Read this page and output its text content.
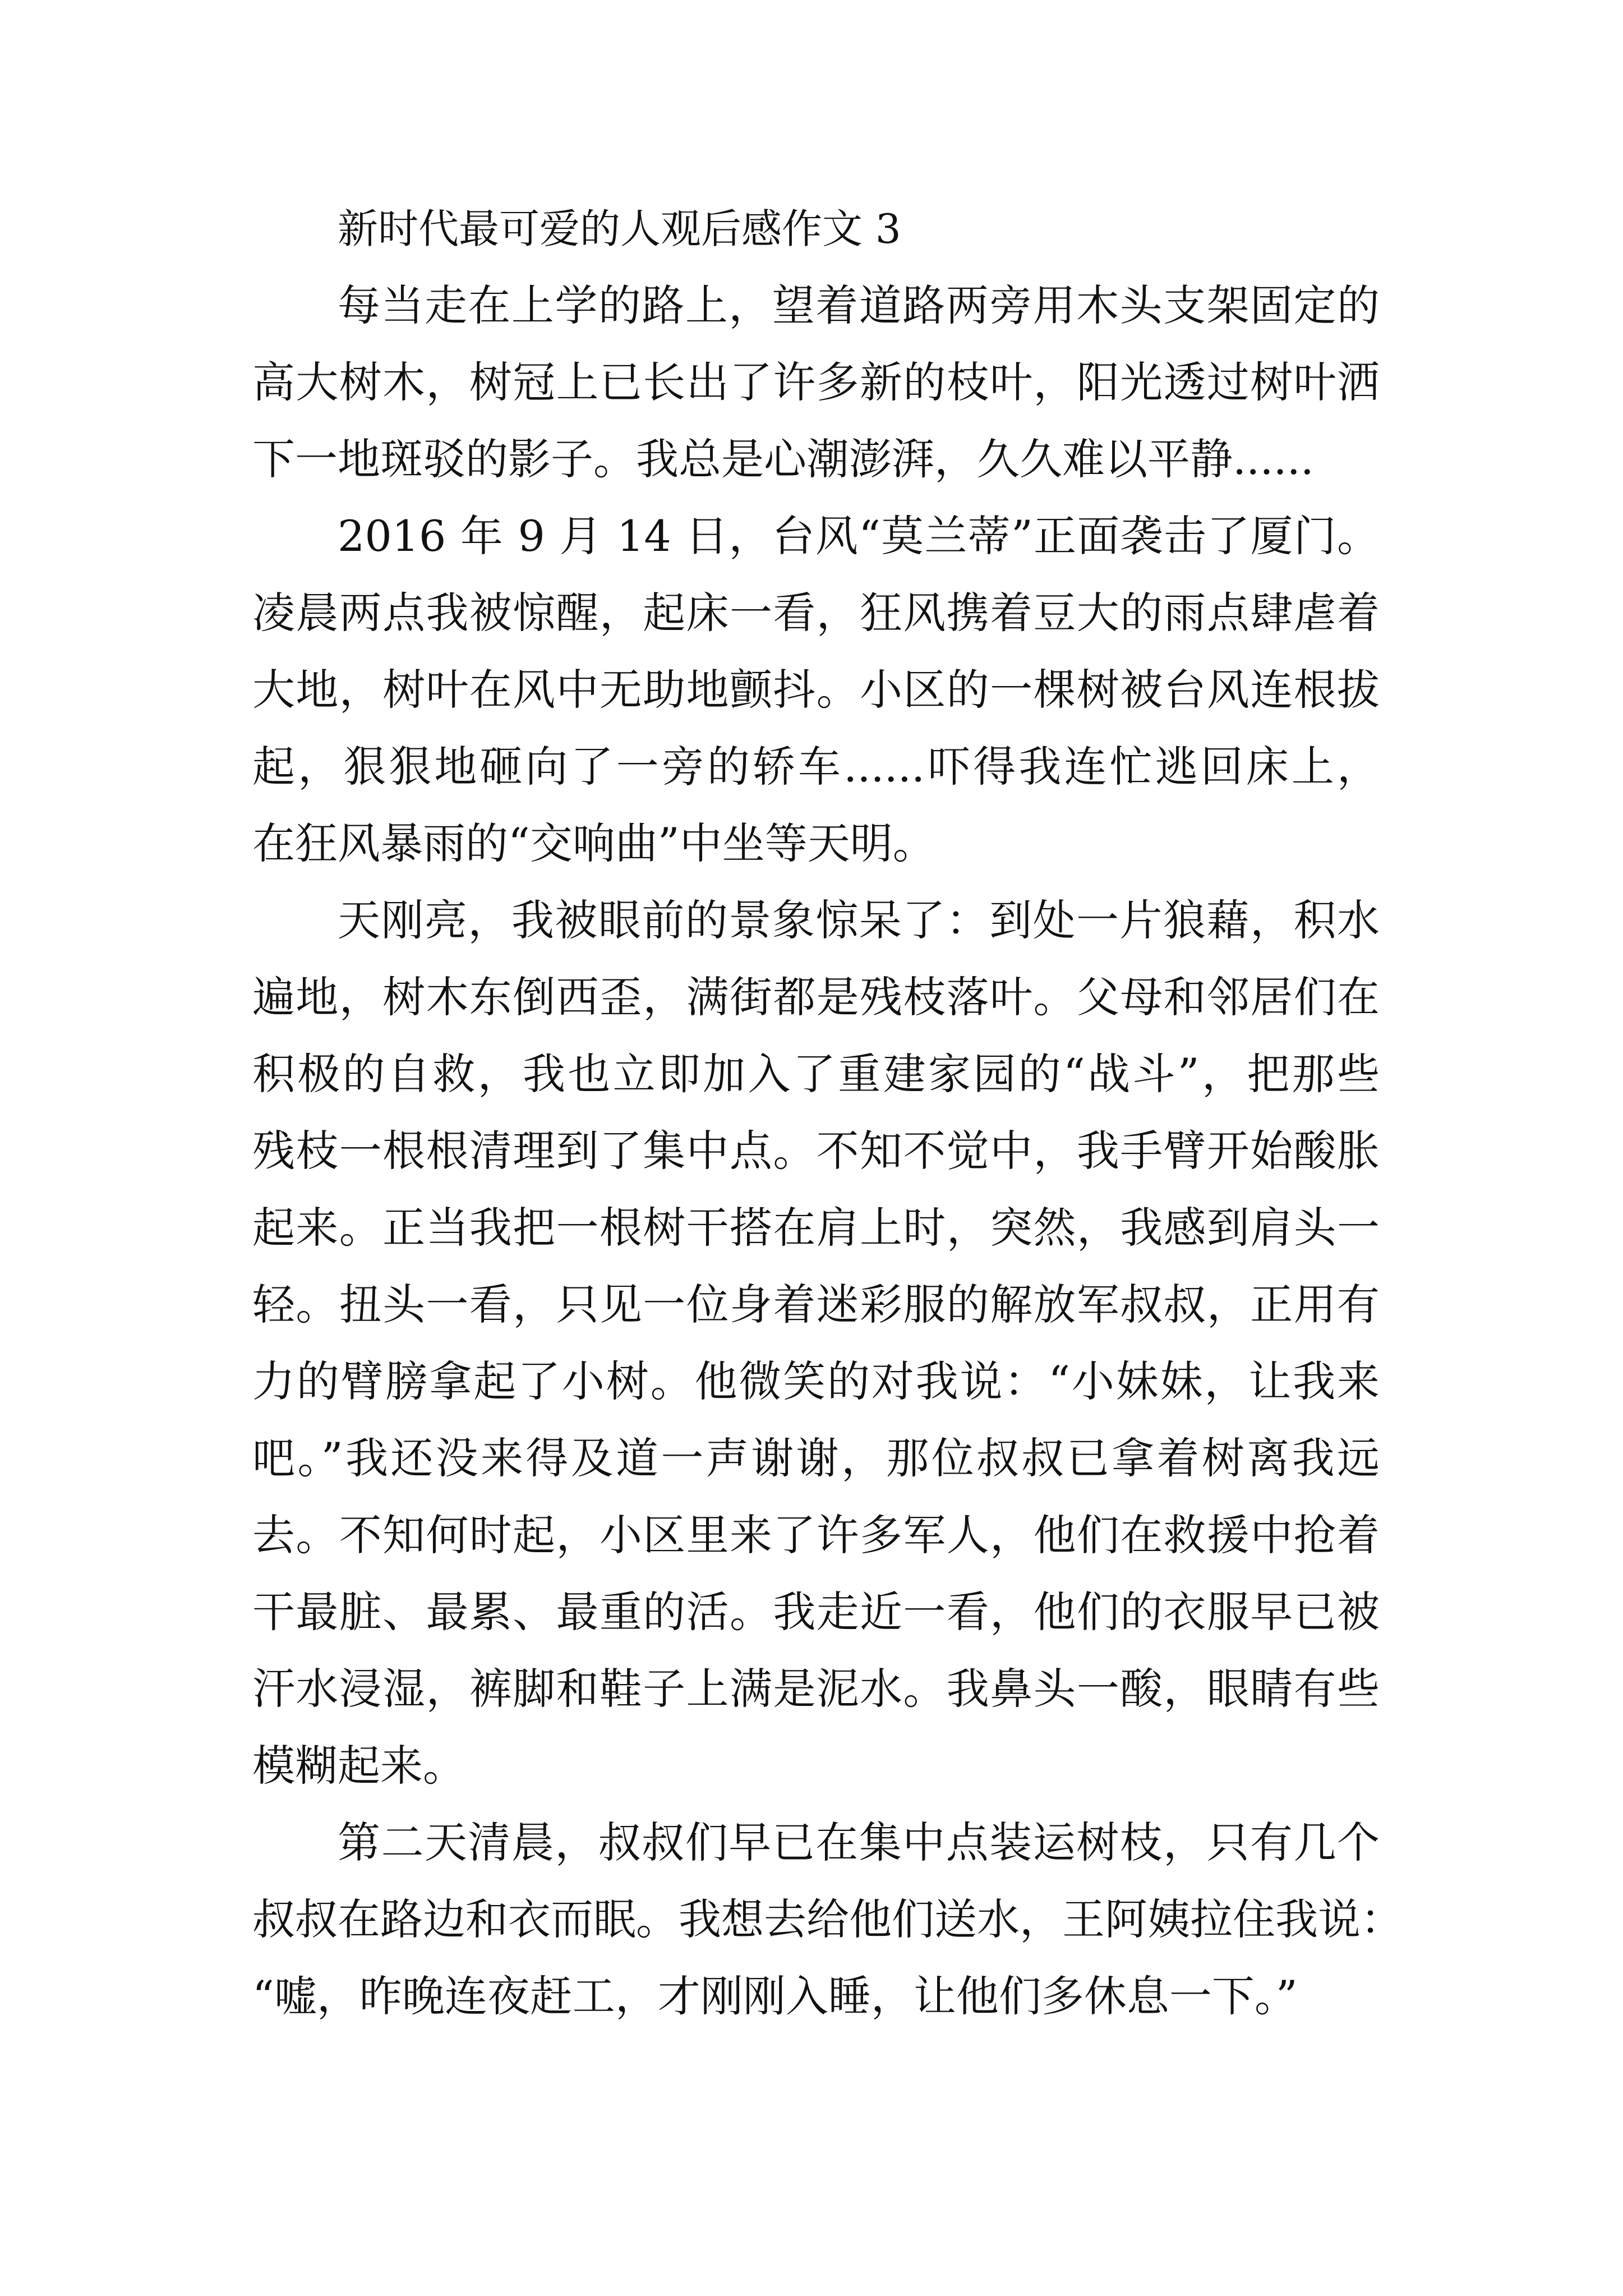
新时代最可爱的人观后感作文 3
每当走在上学的路上，望着道路两旁用木头支架固定的
高大树木，树冠上已长出了许多新的枝叶，阳光透过树叶洒
下一地斑驳的影子。我总是心潮澎湃，久久难以平静......
2016 年 9 月 14 日，台风“莫兰蒂”正面袭击了厦门。
凌晨两点我被惊醒，起床一看，狂风携着豆大的雨点肆虐着
大地，树叶在风中无助地颤抖。小区的一棵树被台风连根拔
起，狠狠地砸向了一旁的轿车......吓得我连忙逃回床上，
在狂风暴雨的“交响曲”中坐等天明。
天刚亮，我被眼前的景象惊呆了：到处一片狼藉，积水
遍地，树木东倒西歪，满街都是残枝落叶。父母和邻居们在
积极的自救，我也立即加入了重建家园的“战斗”，把那些
残枝一根根清理到了集中点。不知不觉中，我手臂开始酸胀
起来。正当我把一根树干搭在肩上时，突然，我感到肩头一
轻。扭头一看，只见一位身着迷彩服的解放军叔叔，正用有
力的臂膀拿起了小树。他微笑的对我说：“小妹妹，让我来
吧。”我还没来得及道一声谢谢，那位叔叔已拿着树离我远
去。不知何时起，小区里来了许多军人，他们在救援中抢着
干最脏、最累、最重的活。我走近一看，他们的衣服早已被
汗水浸湿，裤脚和鞋子上满是泥水。我鼻头一酸，眼睛有些
模糊起来。
第二天清晨，叔叔们早已在集中点装运树枝，只有几个
叔叔在路边和衣而眠。我想去给他们送水，王阿姨拉住我说：
“嘘，昨晚连夜赶工，才刚刚入睡，让他们多休息一下。”
